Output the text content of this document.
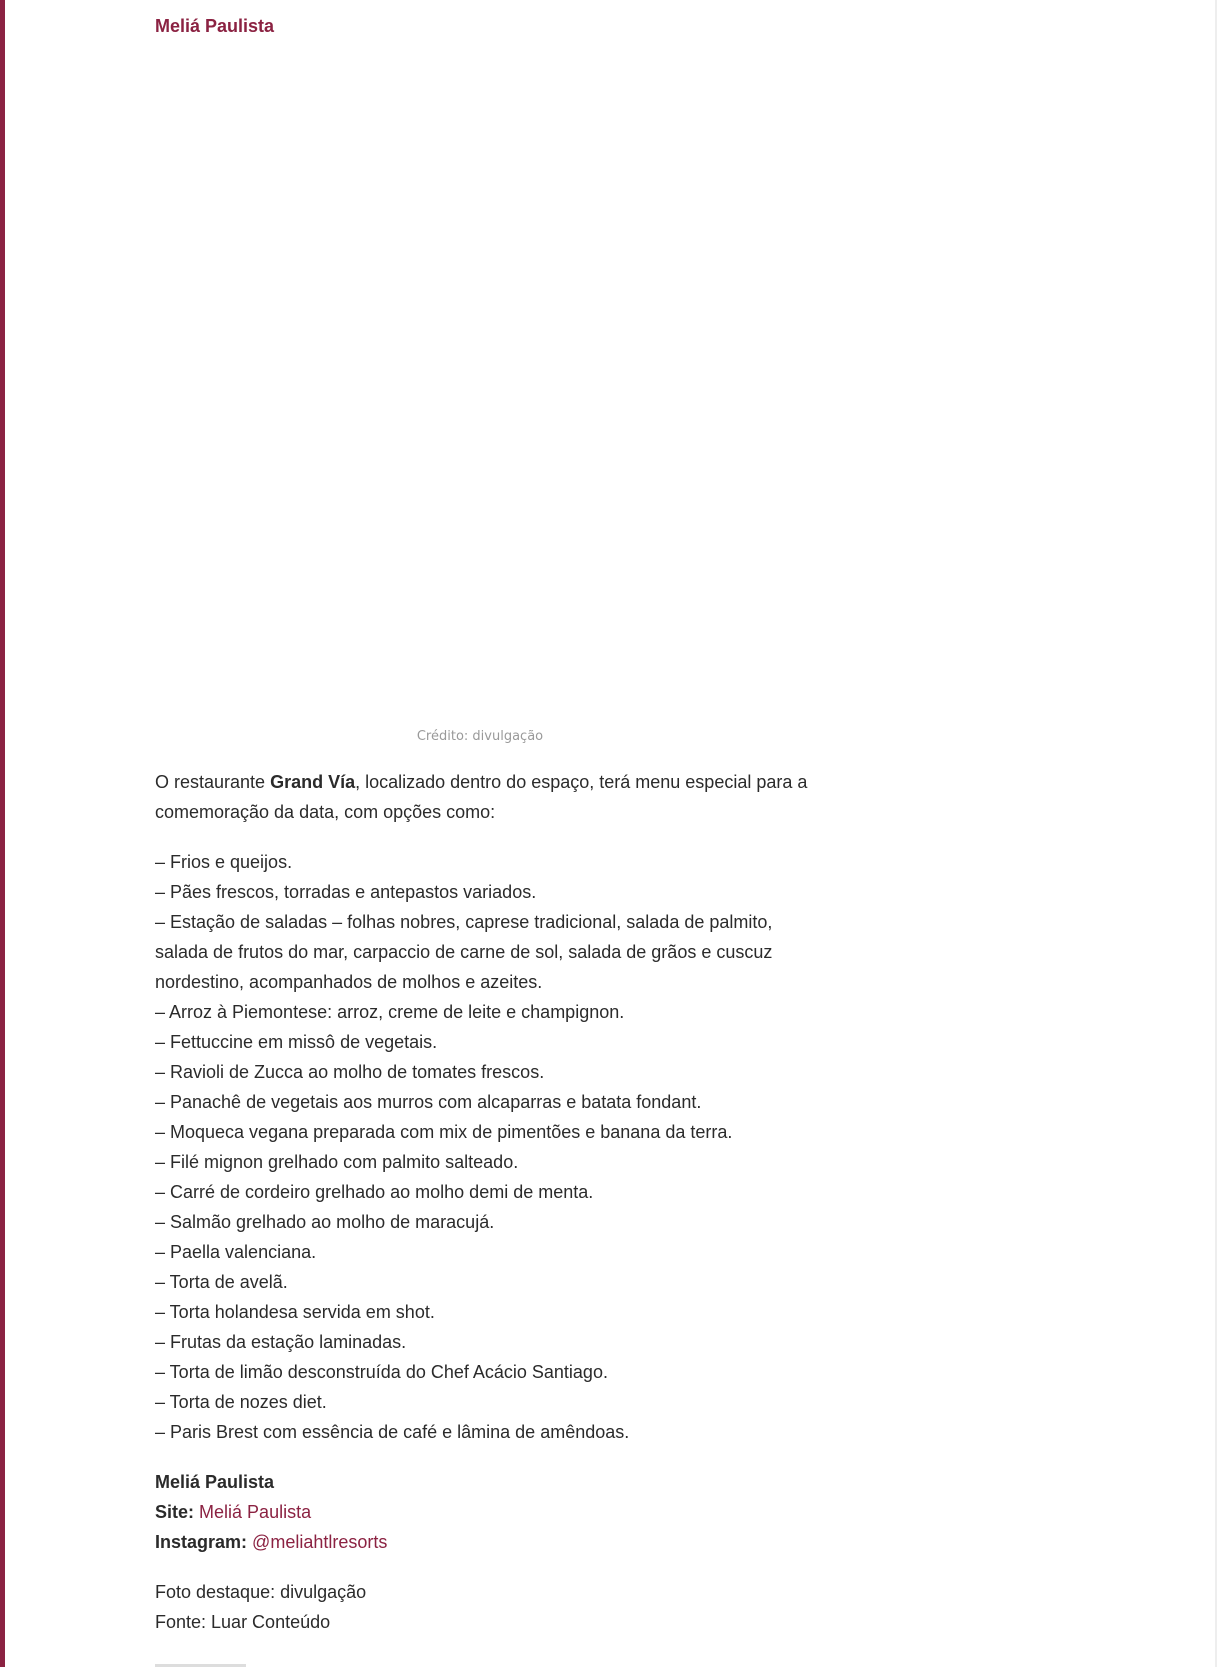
Meliá Paulista
Crédito: divulgação

O restaurante Grand Vía, localizado dentro do espaço, terá menu especial para a comemoração da data, com opções como:

– Frios e queijos.
– Pães frescos, torradas e antepastos variados.
– Estação de saladas – folhas nobres, caprese tradicional, salada de palmito, salada de frutos do mar, carpaccio de carne de sol, salada de grãos e cuscuz nordestino, acompanhados de molhos e azeites.
– Arroz à Piemontese: arroz, creme de leite e champignon.
– Fettuccine em missô de vegetais.
– Ravioli de Zucca ao molho de tomates frescos.
– Panachê de vegetais aos murros com alcaparras e batata fondant.
– Moqueca vegana preparada com mix de pimentões e banana da terra.
– Filé mignon grelhado com palmito salteado.
– Carré de cordeiro grelhado ao molho demi de menta.
– Salmão grelhado ao molho de maracujá.
– Paella valenciana.
– Torta de avelã.
– Torta holandesa servida em shot.
– Frutas da estação laminadas.
– Torta de limão desconstruída do Chef Acácio Santiago.
– Torta de nozes diet.
– Paris Brest com essência de café e lâmina de amêndoas.
Meliá Paulista
Site: Meliá Paulista
Instagram: @meliahtlresorts
Foto destaque: divulgação
Fonte: Luar Conteúdo
